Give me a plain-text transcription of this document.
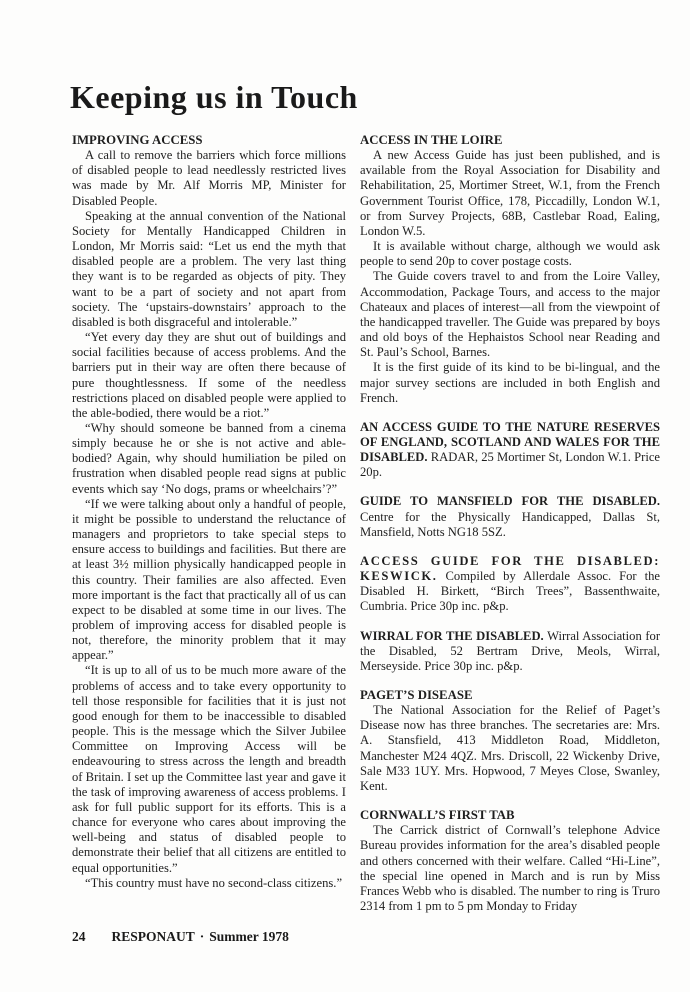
Keeping us in Touch
IMPROVING ACCESS

A call to remove the barriers which force millions of disabled people to lead needlessly restricted lives was made by Mr. Alf Morris MP, Minister for Disabled People.

Speaking at the annual convention of the National Society for Mentally Handicapped Children in London, Mr Morris said: “Let us end the myth that disabled people are a problem. The very last thing they want is to be regarded as objects of pity. They want to be a part of society and not apart from society. The ‘upstairs-downstairs’ approach to the disabled is both disgraceful and intolerable.”

“Yet every day they are shut out of buildings and social facilities because of access problems. And the barriers put in their way are often there because of pure thoughtlessness. If some of the needless restrictions placed on disabled people were applied to the able-bodied, there would be a riot.”

“Why should someone be banned from a cinema simply because he or she is not active and able-bodied? Again, why should humiliation be piled on frustration when disabled people read signs at public events which say ‘No dogs, prams or wheelchairs’?”

“If we were talking about only a handful of people, it might be possible to understand the reluctance of managers and proprietors to take special steps to ensure access to buildings and facilities. But there are at least 3½ million physically handicapped people in this country. Their families are also affected. Even more important is the fact that practically all of us can expect to be disabled at some time in our lives. The problem of improving access for disabled people is not, therefore, the minority problem that it may appear.”

“It is up to all of us to be much more aware of the problems of access and to take every opportunity to tell those responsible for facilities that it is just not good enough for them to be inaccessible to disabled people. This is the message which the Silver Jubilee Committee on Improving Access will be endeavouring to stress across the length and breadth of Britain. I set up the Committee last year and gave it the task of improving awareness of access problems. I ask for full public support for its efforts. This is a chance for everyone who cares about improving the well-being and status of disabled people to demonstrate their belief that all citizens are entitled to equal opportunities.”

“This country must have no second-class citizens.”

ACCESS IN THE LOIRE

A new Access Guide has just been published, and is available from the Royal Association for Disability and Rehabilitation, 25, Mortimer Street, W.1, from the French Government Tourist Office, 178, Piccadilly, London W.1, or from Survey Projects, 68B, Castlebar Road, Ealing, London W.5.

It is available without charge, although we would ask people to send 20p to cover postage costs.

The Guide covers travel to and from the Loire Valley, Accommodation, Package Tours, and access to the major Chateaux and places of interest—all from the viewpoint of the handicapped traveller. The Guide was prepared by boys and old boys of the Hephaistos School near Reading and St. Paul’s School, Barnes.

It is the first guide of its kind to be bi-lingual, and the major survey sections are included in both English and French.

AN ACCESS GUIDE TO THE NATURE RESERVES OF ENGLAND, SCOTLAND AND WALES FOR THE DISABLED. RADAR, 25 Mortimer St, London W.1. Price 20p.

GUIDE TO MANSFIELD FOR THE DISABLED. Centre for the Physically Handicapped, Dallas St, Mansfield, Notts NG18 5SZ.

ACCESS GUIDE FOR THE DISABLED: KESWICK. Compiled by Allerdale Assoc. For the Disabled H. Birkett, “Birch Trees”, Bassenthwaite, Cumbria. Price 30p inc. p&p.

WIRRAL FOR THE DISABLED. Wirral Association for the Disabled, 52 Bertram Drive, Meols, Wirral, Merseyside. Price 30p inc. p&p.

PAGET’S DISEASE

The National Association for the Relief of Paget’s Disease now has three branches. The secretaries are: Mrs. A. Stansfield, 413 Middleton Road, Middleton, Manchester M24 4QZ. Mrs. Driscoll, 22 Wickenby Drive, Sale M33 1UY. Mrs. Hopwood, 7 Meyes Close, Swanley, Kent.

CORNWALL’S FIRST TAB

The Carrick district of Cornwall’s telephone Advice Bureau provides information for the area’s disabled people and others concerned with their welfare. Called “Hi-Line”, the special line opened in March and is run by Miss Frances Webb who is disabled. The number to ring is Truro 2314 from 1 pm to 5 pm Monday to Friday

24 RESPONAUT · Summer 1978
